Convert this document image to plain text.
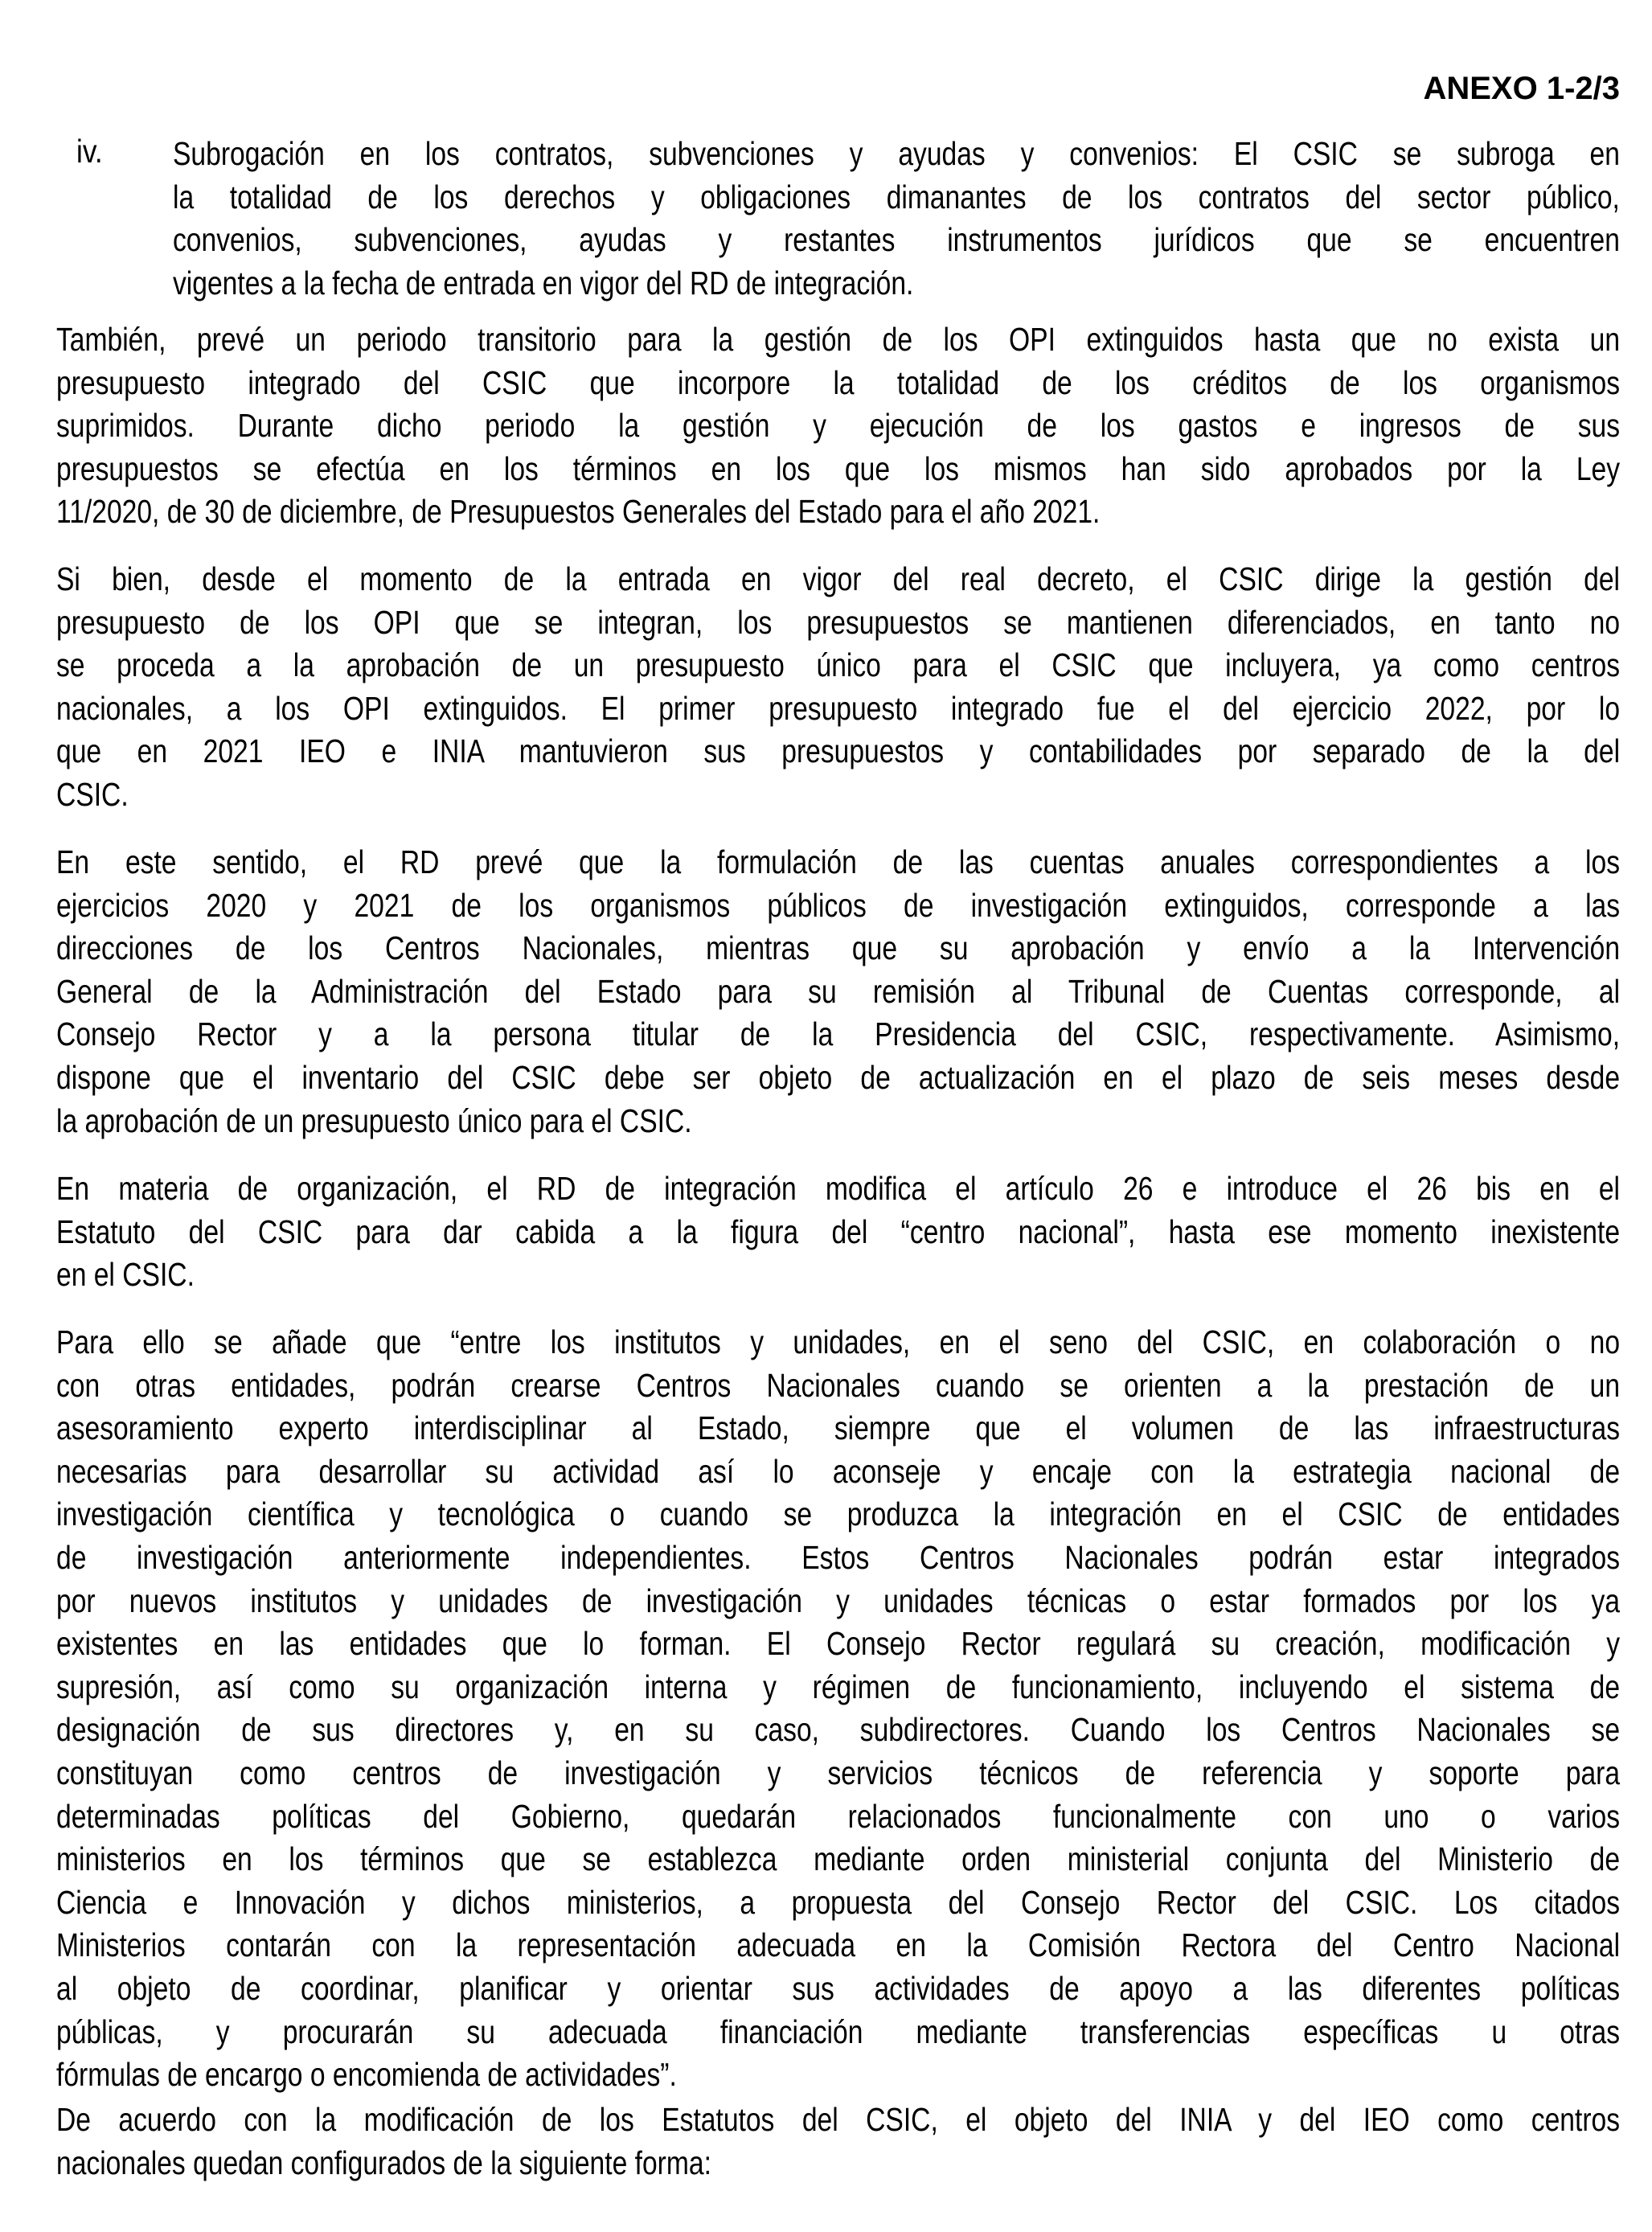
ANEXO 1-2/3
iv. Subrogación en los contratos, subvenciones y ayudas y convenios: El CSIC se subroga en
la totalidad de los derechos y obligaciones dimanantes de los contratos del sector público,
convenios, subvenciones, ayudas y restantes instrumentos jurídicos que se encuentren
vigentes a la fecha de entrada en vigor del RD de integración.
También, prevé un periodo transitorio para la gestión de los OPI extinguidos hasta que no exista un
presupuesto integrado del CSIC que incorpore la totalidad de los créditos de los organismos
suprimidos. Durante dicho periodo la gestión y ejecución de los gastos e ingresos de sus
presupuestos se efectúa en los términos en los que los mismos han sido aprobados por la Ley
11/2020, de 30 de diciembre, de Presupuestos Generales del Estado para el año 2021.
Si bien, desde el momento de la entrada en vigor del real decreto, el CSIC dirige la gestión del
presupuesto de los OPI que se integran, los presupuestos se mantienen diferenciados, en tanto no
se proceda a la aprobación de un presupuesto único para el CSIC que incluyera, ya como centros
nacionales, a los OPI extinguidos. El primer presupuesto integrado fue el del ejercicio 2022, por lo
que en 2021 IEO e INIA mantuvieron sus presupuestos y contabilidades por separado de la del
CSIC.
En este sentido, el RD prevé que la formulación de las cuentas anuales correspondientes a los
ejercicios 2020 y 2021 de los organismos públicos de investigación extinguidos, corresponde a las
direcciones de los Centros Nacionales, mientras que su aprobación y envío a la Intervención
General de la Administración del Estado para su remisión al Tribunal de Cuentas corresponde, al
Consejo Rector y a la persona titular de la Presidencia del CSIC, respectivamente. Asimismo,
dispone que el inventario del CSIC debe ser objeto de actualización en el plazo de seis meses desde
la aprobación de un presupuesto único para el CSIC.
En materia de organización, el RD de integración modifica el artículo 26 e introduce el 26 bis en el
Estatuto del CSIC para dar cabida a la figura del “centro nacional”, hasta ese momento inexistente
en el CSIC.
Para ello se añade que “entre los institutos y unidades, en el seno del CSIC, en colaboración o no
con otras entidades, podrán crearse Centros Nacionales cuando se orienten a la prestación de un
asesoramiento experto interdisciplinar al Estado, siempre que el volumen de las infraestructuras
necesarias para desarrollar su actividad así lo aconseje y encaje con la estrategia nacional de
investigación científica y tecnológica o cuando se produzca la integración en el CSIC de entidades
de investigación anteriormente independientes. Estos Centros Nacionales podrán estar integrados
por nuevos institutos y unidades de investigación y unidades técnicas o estar formados por los ya
existentes en las entidades que lo forman. El Consejo Rector regulará su creación, modificación y
supresión, así como su organización interna y régimen de funcionamiento, incluyendo el sistema de
designación de sus directores y, en su caso, subdirectores. Cuando los Centros Nacionales se
constituyan como centros de investigación y servicios técnicos de referencia y soporte para
determinadas políticas del Gobierno, quedarán relacionados funcionalmente con uno o varios
ministerios en los términos que se establezca mediante orden ministerial conjunta del Ministerio de
Ciencia e Innovación y dichos ministerios, a propuesta del Consejo Rector del CSIC. Los citados
Ministerios contarán con la representación adecuada en la Comisión Rectora del Centro Nacional
al objeto de coordinar, planificar y orientar sus actividades de apoyo a las diferentes políticas
públicas, y procurarán su adecuada financiación mediante transferencias específicas u otras
fórmulas de encargo o encomienda de actividades”.
De acuerdo con la modificación de los Estatutos del CSIC, el objeto del INIA y del IEO como centros
nacionales quedan configurados de la siguiente forma:
